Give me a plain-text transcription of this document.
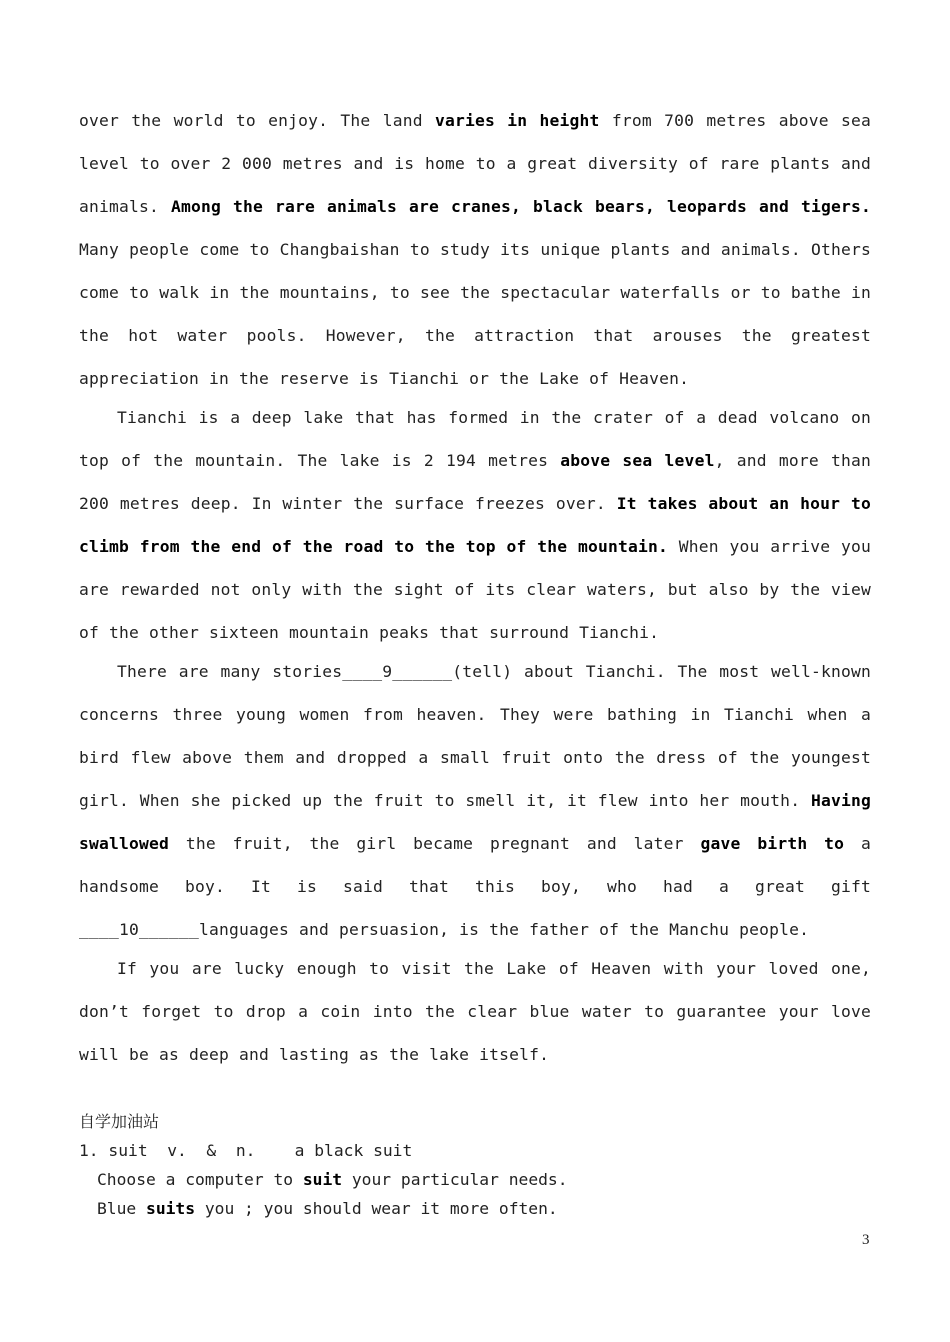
over the world to enjoy. The land varies in height from 700 metres above sea level to over 2 000 metres and is home to a great diversity of rare plants and animals. Among the rare animals are cranes, black bears, leopards and tigers. Many people come to Changbaishan to study its unique plants and animals. Others come to walk in the mountains, to see the spectacular waterfalls or to bathe in the hot water pools. However, the attraction that arouses the greatest appreciation in the reserve is Tianchi or the Lake of Heaven.

Tianchi is a deep lake that has formed in the crater of a dead volcano on top of the mountain. The lake is 2 194 metres above sea level, and more than 200 metres deep. In winter the surface freezes over. It takes about an hour to climb from the end of the road to the top of the mountain. When you arrive you are rewarded not only with the sight of its clear waters, but also by the view of the other sixteen mountain peaks that surround Tianchi.

There are many stories____9______(tell) about Tianchi. The most well-known concerns three young women from heaven. They were bathing in Tianchi when a bird flew above them and dropped a small fruit onto the dress of the youngest girl. When she picked up the fruit to smell it, it flew into her mouth. Having swallowed the fruit, the girl became pregnant and later gave birth to a handsome boy. It is said that this boy, who had a great gift ____10______languages and persuasion, is the father of the Manchu people.

If you are lucky enough to visit the Lake of Heaven with your loved one, don’t forget to drop a coin into the clear blue water to guarantee your love will be as deep and lasting as the lake itself.

自学加油站
1. suit  v.  &  n.    a black suit
Choose a computer to suit your particular needs.
Blue suits you ; you should wear it more often.
3
